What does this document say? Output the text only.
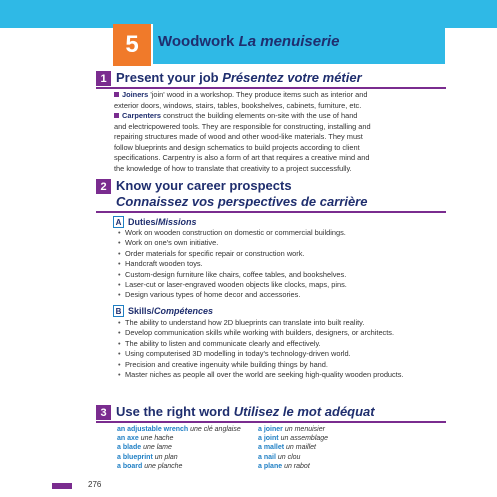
5	Woodwork La menuiserie
1 Present your job Présentez votre métier
Joiners 'join' wood in a workshop. They produce items such as interior and
exterior doors, windows, stairs, tables, bookshelves, cabinets, furniture, etc.
Carpenters construct the building elements on-site with the use of hand
and electricpowered tools. They are responsible for constructing, installing and
repairing structures made of wood and other wood-like materials. They must
follow blueprints and design schematics to build projects according to client
specifications. Carpentry is also a form of art that requires a creative mind and
the knowledge of how to translate that creativity to a project successfully.
2 Know your career prospects
Connaissez vos perspectives de carrière
A Duties/Missions
• Work on wooden construction on domestic or commercial buildings.
• Work on one's own initiative.
• Order materials for specific repair or construction work.
• Handcraft wooden toys.
• Custom-design furniture like chairs, coffee tables, and bookshelves.
• Laser-cut or laser-engraved wooden objects like clocks, maps, pins.
• Design various types of home decor and accessories.
B Skills/Compétences
• The ability to understand how 2D blueprints can translate into built reality.
• Develop communication skills while working with builders, designers, or architects.
• The ability to listen and communicate clearly and effectively.
• Using computerised 3D modelling in today's technology-driven world.
• Precision and creative ingenuity while building things by hand.
• Master niches as people all over the world are seeking high-quality wooden products.
3 Use the right word Utilisez le mot adéquat
an adjustable wrench une clé anglaise
an axe une hache
a blade une lame
a blueprint un plan
a board une planche
a joiner un menuisier
a joint un assemblage
a mallet un maillet
a nail un clou
a plane un rabot
276
